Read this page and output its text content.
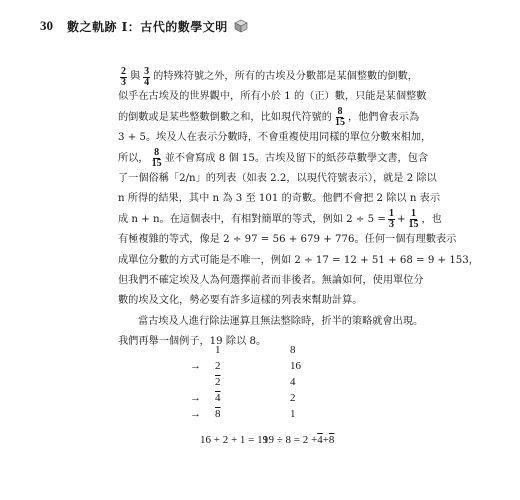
30 數之軌跡 I：古代的數學文明
$\frac{2}{3}$ 與 $\frac{3}{4}$ 的特殊符號之外，所有的古埃及分數都是某個整數的倒數，
似乎在古埃及的世界觀中，所有小於 1 的（正）數，只能是某個整數
的倒數或是某些整數倒數之和，比如現代符號的 $\frac{8}{15}$ ，他們會表示為
3 + 5。埃及人在表示分數時，不會重複使用同樣的單位分數來相加，
所以， $\frac{8}{15}$ 並不會寫成 8 個 15。古埃及留下的紙莎草數學文書，包含
了一個俗稱「2/n」的列表（如表 2.2，以現代符號表示），就是 2 除以
n 所得的結果，其中 n 為 3 至 101 的奇數。他們不會把 2 除以 n 表示
成 n + n。在這個表中，有相對簡單的等式，例如 $2 \div 5 = \frac{1}{3} + \frac{1}{15}$ ，也
有極複雜的等式，像是 2 ÷ 97 = 56 + 679 + 776。任何一個有理數表示
成單位分數的方式可能是不唯一，例如 2 ÷ 17 = 12 + 51 + 68 = 9 + 153，
但我們不確定埃及人為何選擇前者而非後者。無論如何，使用單位分
數的埃及文化，勢必要有許多這樣的列表來幫助計算。
當古埃及人進行除法運算且無法整除時，折半的策略就會出現。
我們再舉一個例子，19 除以 8。
1
→ 2
2
→ 4
→ 8
8
16
4
2
1
16 + 2 + 1 = 19
19 ÷ 8 = 2 +4+8
